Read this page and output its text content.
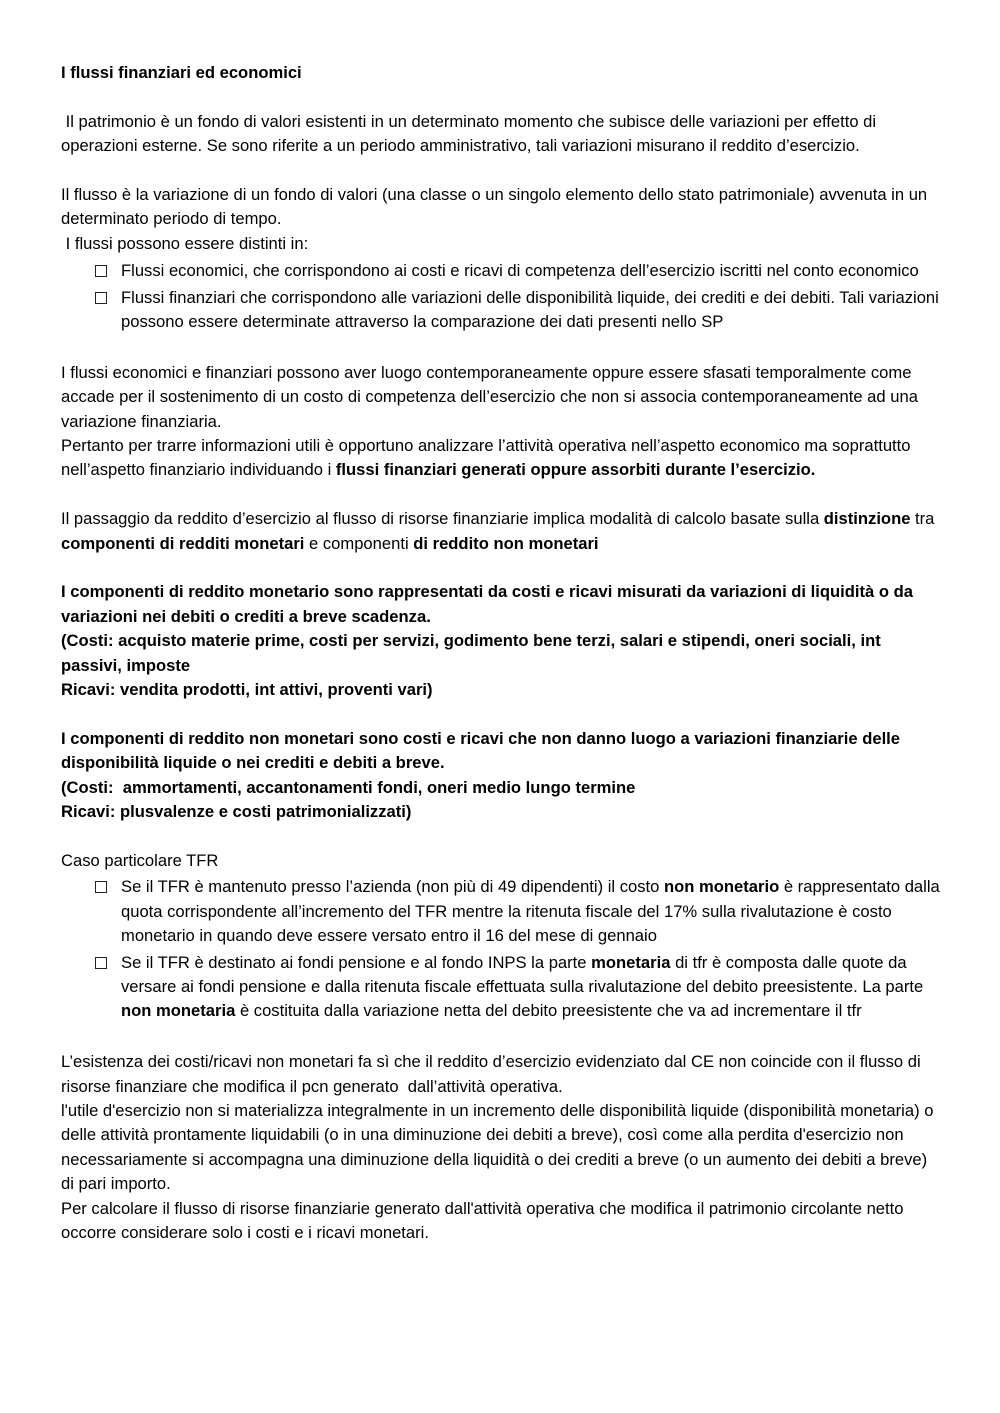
I flussi finanziari ed economici

Il patrimonio è un fondo di valori esistenti in un determinato momento che subisce delle variazioni per effetto di operazioni esterne. Se sono riferite a un periodo amministrativo, tali variazioni misurano il reddito d’esercizio.

Il flusso è la variazione di un fondo di valori (una classe o un singolo elemento dello stato patrimoniale) avvenuta in un determinato periodo di tempo.

I flussi possono essere distinti in:

Flussi economici, che corrispondono ai costi e ricavi di competenza dell’esercizio iscritti nel conto economico
Flussi finanziari che corrispondono alle variazioni delle disponibilità liquide, dei crediti e dei debiti. Tali variazioni possono essere determinate attraverso la comparazione dei dati presenti nello SP

I flussi economici e finanziari possono aver luogo contemporaneamente oppure essere sfasati temporalmente come accade per il sostenimento di un costo di competenza dell’esercizio che non si associa contemporaneamente ad una variazione finanziaria.

Pertanto per trarre informazioni utili è opportuno analizzare l’attività operativa nell’aspetto economico ma soprattutto nell’aspetto finanziario individuando i flussi finanziari generati oppure assorbiti durante l’esercizio.

Il passaggio da reddito d’esercizio al flusso di risorse finanziarie implica modalità di calcolo basate sulla distinzione tra componenti di redditi monetari e componenti di reddito non monetari

I componenti di reddito monetario sono rappresentati da costi e ricavi misurati da variazioni di liquidità o da variazioni nei debiti o crediti a breve scadenza.

(Costi: acquisto materie prime, costi per servizi, godimento bene terzi, salari e stipendi, oneri sociali, int passivi, imposte

Ricavi: vendita prodotti, int attivi, proventi vari)

I componenti di reddito non monetari sono costi e ricavi che non danno luogo a variazioni finanziarie delle disponibilità liquide o nei crediti e debiti a breve.

(Costi:  ammortamenti, accantonamenti fondi, oneri medio lungo termine

Ricavi: plusvalenze e costi patrimonializzati)

Caso particolare TFR

Se il TFR è mantenuto presso l’azienda (non più di 49 dipendenti) il costo non monetario è rappresentato dalla quota corrispondente all’incremento del TFR mentre la ritenuta fiscale del 17% sulla rivalutazione è costo monetario in quando deve essere versato entro il 16 del mese di gennaio
Se il TFR è destinato ai fondi pensione e al fondo INPS la parte monetaria di tfr è composta dalle quote da versare ai fondi pensione e dalla ritenuta fiscale effettuata sulla rivalutazione del debito preesistente. La parte non monetaria è costituita dalla variazione netta del debito preesistente che va ad incrementare il tfr

L’esistenza dei costi/ricavi non monetari fa sì che il reddito d’esercizio evidenziato dal CE non coincide con il flusso di risorse finanziare che modifica il pcn generato  dall’attività operativa.

l'utile d'esercizio non si materializza integralmente in un incremento delle disponibilità liquide (disponibilità monetaria) o delle attività prontamente liquidabili (o in una diminuzione dei debiti a breve), così come alla perdita d'esercizio non necessariamente si accompagna una diminuzione della liquidità o dei crediti a breve (o un aumento dei debiti a breve) di pari importo.

Per calcolare il flusso di risorse finanziarie generato dall'attività operativa che modifica il patrimonio circolante netto occorre considerare solo i costi e i ricavi monetari.
